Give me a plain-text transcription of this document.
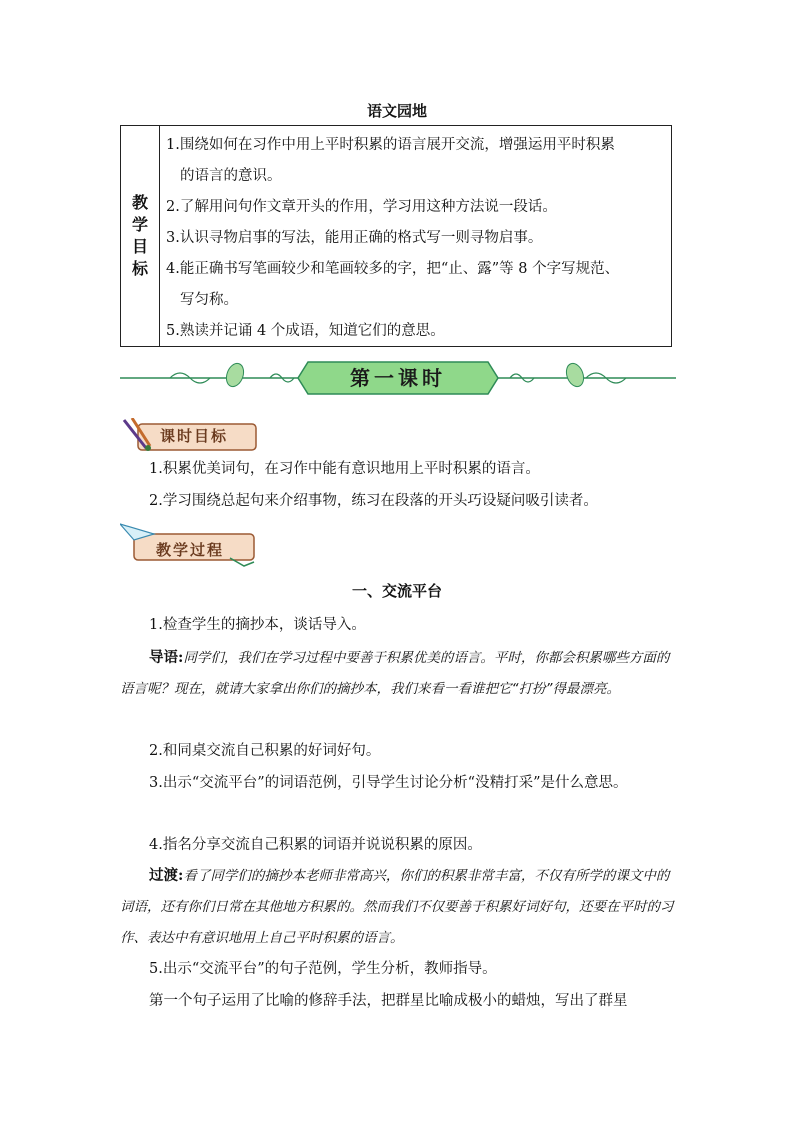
语文园地
教
学
目
标
1.围绕如何在习作中用上平时积累的语言展开交流，增强运用平时积累
的语言的意识。
2.了解用问句作文章开头的作用，学习用这种方法说一段话。
3.认识寻物启事的写法，能用正确的格式写一则寻物启事。
4.能正确书写笔画较少和笔画较多的字，把“止、露”等 8 个字写规范、
写匀称。
5.熟读并记诵 4 个成语，知道它们的意思。
第一课时
课时目标
1.积累优美词句，在习作中能有意识地用上平时积累的语言。
2.学习围绕总起句来介绍事物，练习在段落的开头巧设疑问吸引读者。
教学过程
一、交流平台
1.检查学生的摘抄本，谈话导入。
导语:同学们，我们在学习过程中要善于积累优美的语言。平时，你都会积累哪些方面的语言呢？现在，就请大家拿出你们的摘抄本，我们来看一看谁把它“打扮”得最漂亮。
2.和同桌交流自己积累的好词好句。
3.出示“交流平台”的词语范例，引导学生讨论分析“没精打采”是什么意思。
4.指名分享交流自己积累的词语并说说积累的原因。
过渡:看了同学们的摘抄本老师非常高兴，你们的积累非常丰富，不仅有所学的课文中的词语，还有你们日常在其他地方积累的。然而我们不仅要善于积累好词好句，还要在平时的习作、表达中有意识地用上自己平时积累的语言。
5.出示“交流平台”的句子范例，学生分析，教师指导。
第一个句子运用了比喻的修辞手法，把群星比喻成极小的蜡烛，写出了群星
